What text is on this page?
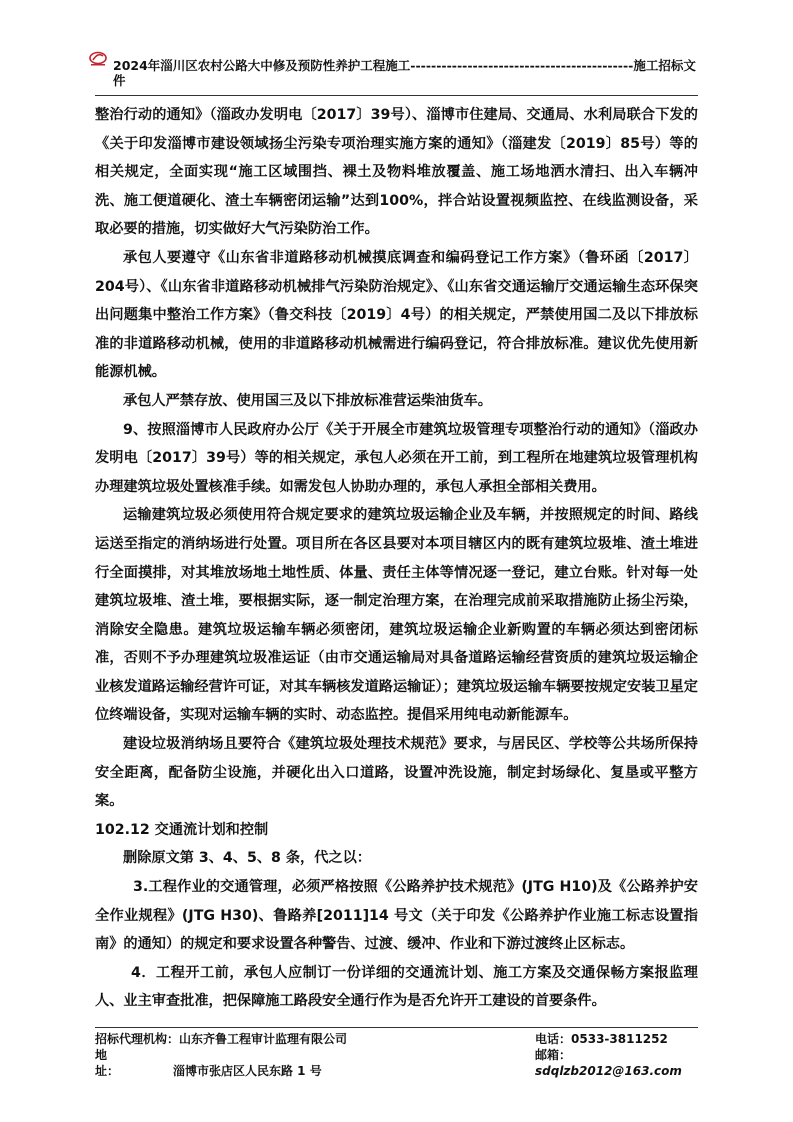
2024年淄川区农村公路大中修及预防性养护工程施工-------------------------------------------施工招标文件

整治行动的通知》（淄政办发明电〔2017〕39号）、淄博市住建局、交通局、水利局联合下发的《关于印发淄博市建设领域扬尘污染专项治理实施方案的通知》（淄建发〔2019〕85号）等的相关规定，全面实现“施工区域围挡、裸土及物料堆放覆盖、施工场地洒水清扫、出入车辆冲洗、施工便道硬化、渣土车辆密闭运输”达到100%，拌合站设置视频监控、在线监测设备，采取必要的措施，切实做好大气污染防治工作。

承包人要遵守《山东省非道路移动机械摸底调查和编码登记工作方案》（鲁环函〔2017〕204号）、《山东省非道路移动机械排气污染防治规定》、《山东省交通运输厅交通运输生态环保突出问题集中整治工作方案》（鲁交科技〔2019〕4号）的相关规定，严禁使用国二及以下排放标准的非道路移动机械，使用的非道路移动机械需进行编码登记，符合排放标准。建议优先使用新能源机械。

承包人严禁存放、使用国三及以下排放标准营运柴油货车。

9、按照淄博市人民政府办公厅《关于开展全市建筑垃圾管理专项整治行动的通知》（淄政办发明电〔2017〕39号）等的相关规定，承包人必须在开工前，到工程所在地建筑垃圾管理机构办理建筑垃圾处置核准手续。如需发包人协助办理的，承包人承担全部相关费用。

运输建筑垃圾必须使用符合规定要求的建筑垃圾运输企业及车辆，并按照规定的时间、路线运送至指定的消纳场进行处置。项目所在各区县要对本项目辖区内的既有建筑垃圾堆、渣土堆进行全面摸排，对其堆放场地土地性质、体量、责任主体等情况逐一登记，建立台账。针对每一处建筑垃圾堆、渣土堆，要根据实际，逐一制定治理方案，在治理完成前采取措施防止扬尘污染，消除安全隐患。建筑垃圾运输车辆必须密闭，建筑垃圾运输企业新购置的车辆必须达到密闭标准，否则不予办理建筑垃圾准运证（由市交通运输局对具备道路运输经营资质的建筑垃圾运输企业核发道路运输经营许可证，对其车辆核发道路运输证）；建筑垃圾运输车辆要按规定安装卫星定位终端设备，实现对运输车辆的实时、动态监控。提倡采用纯电动新能源车。

建设垃圾消纳场且要符合《建筑垃圾处理技术规范》要求，与居民区、学校等公共场所保持安全距离，配备防尘设施，并硬化出入口道路，设置冲洗设施，制定封场绿化、复垦或平整方案。

102.12 交通流计划和控制

删除原文第 3、4、5、8 条，代之以：

3.工程作业的交通管理，必须严格按照《公路养护技术规范》(JTG H10)及《公路养护安全作业规程》(JTG H30)、鲁路养[2011]14 号文（关于印发《公路养护作业施工标志设置指南》的通知）的规定和要求设置各种警告、过渡、缓冲、作业和下游过渡终止区标志。

4．工程开工前，承包人应制订一份详细的交通流计划、施工方案及交通保畅方案报监理人、业主审查批准，把保障施工路段安全通行作为是否允许开工建设的首要条件。

招标代理机构：山东齐鲁工程审计监理有限公司	电话：0533-3811252
地址：	淄博市张店区人民东路 1 号
邮箱：sdqlzb2012@163.com
